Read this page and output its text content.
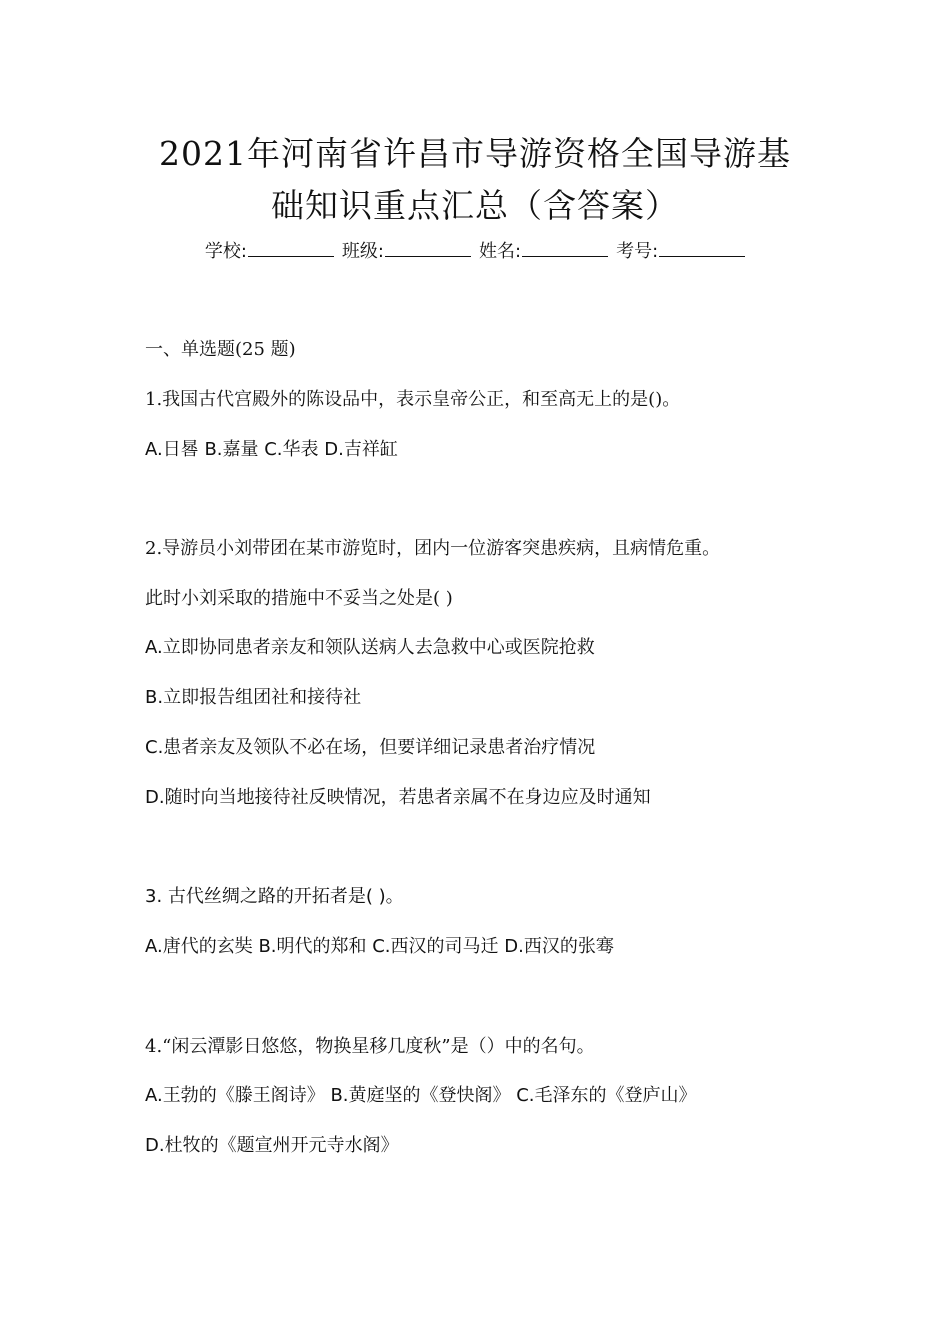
2021年河南省许昌市导游资格全国导游基
础知识重点汇总（含答案）
学校:	班级:	姓名:	考号:
一、单选题(25 题)
1.我国古代宫殿外的陈设品中，表示皇帝公正，和至高无上的是()。
A.日晷 B.嘉量 C.华表 D.吉祥缸
2.导游员小刘带团在某市游览时，团内一位游客突患疾病，且病情危重。
此时小刘采取的措施中不妥当之处是( )
A.立即协同患者亲友和领队送病人去急救中心或医院抢救
B.立即报告组团社和接待社
C.患者亲友及领队不必在场，但要详细记录患者治疗情况
D.随时向当地接待社反映情况，若患者亲属不在身边应及时通知
3. 古代丝绸之路的开拓者是( )。
A.唐代的玄奘 B.明代的郑和 C.西汉的司马迁 D.西汉的张骞
4.“闲云潭影日悠悠，物换星移几度秋”是（）中的名句。
A.王勃的《滕王阁诗》 B.黄庭坚的《登快阁》 C.毛泽东的《登庐山》
D.杜牧的《题宣州开元寺水阁》
